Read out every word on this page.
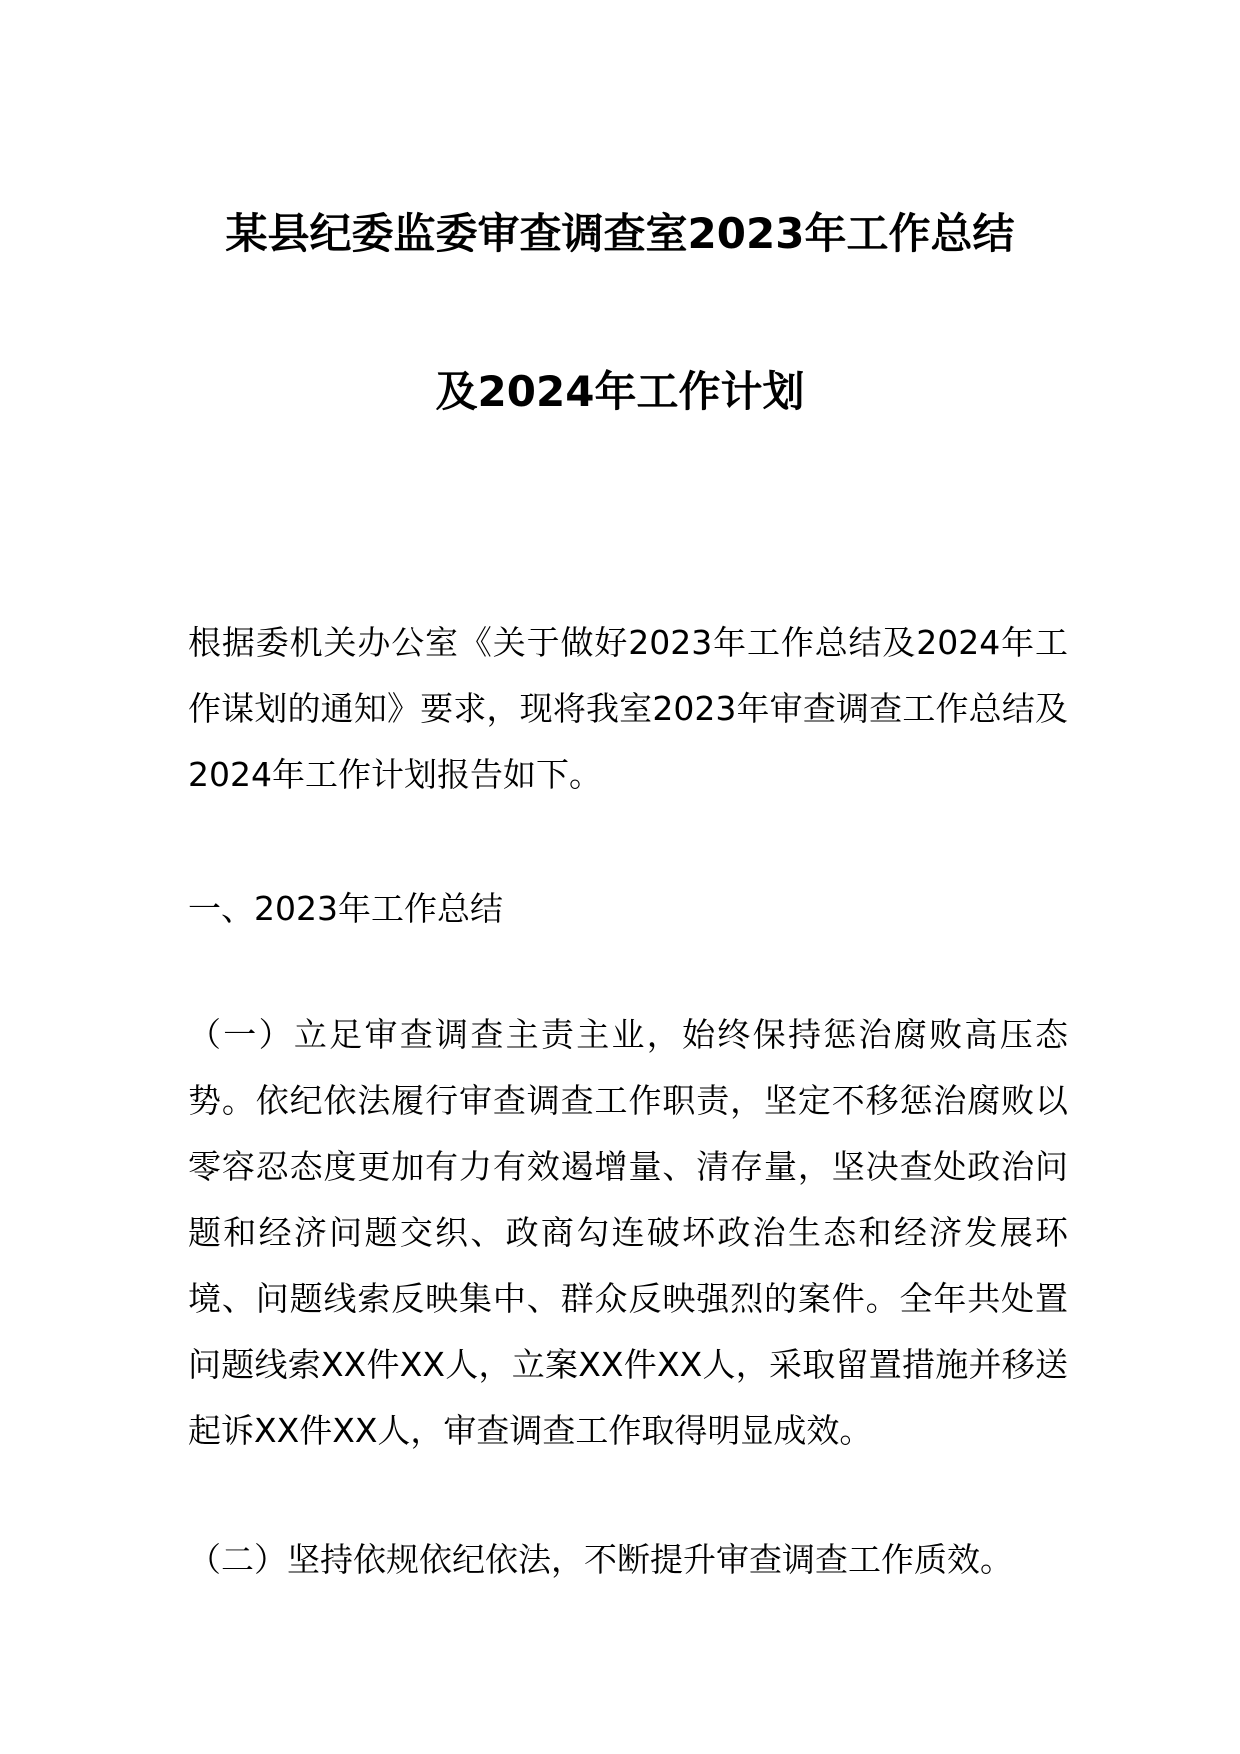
某县纪委监委审查调查室2023年工作总结
及2024年工作计划

根据委机关办公室《关于做好2023年工作总结及2024年工作谋划的通知》要求，现将我室2023年审查调查工作总结及2024年工作计划报告如下。

一、2023年工作总结

（一）立足审查调查主责主业，始终保持惩治腐败高压态势。依纪依法履行审查调查工作职责，坚定不移惩治腐败以零容忍态度更加有力有效遏增量、清存量，坚决查处政治问题和经济问题交织、政商勾连破坏政治生态和经济发展环境、问题线索反映集中、群众反映强烈的案件。全年共处置问题线索XX件XX人，立案XX件XX人，采取留置措施并移送起诉XX件XX人，审查调查工作取得明显成效。

（二）坚持依规依纪依法，不断提升审查调查工作质效。
